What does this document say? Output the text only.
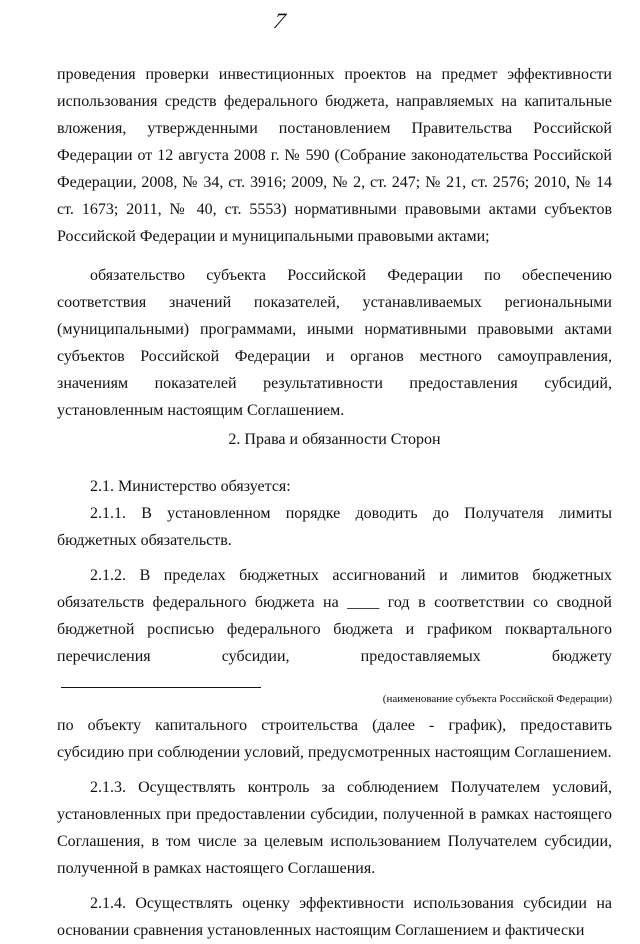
7

проведения проверки инвестиционных проектов на предмет эффективности использования средств федерального бюджета, направляемых на капитальные вложения, утвержденными постановлением Правительства Российской Федерации от 12 августа 2008 г. № 590 (Собрание законодательства Российской Федерации, 2008, № 34, ст. 3916; 2009, № 2, ст. 247; № 21, ст. 2576; 2010, № 14 ст. 1673; 2011, № 40, ст. 5553) нормативными правовыми актами субъектов Российской Федерации и муниципальными правовыми актами;

обязательство субъекта Российской Федерации по обеспечению соответствия значений показателей, устанавливаемых региональными (муниципальными) программами, иными нормативными правовыми актами субъектов Российской Федерации и органов местного самоуправления, значениям показателей результативности предоставления субсидий, установленным настоящим Соглашением.

2. Права и обязанности Сторон

2.1. Министерство обязуется:

2.1.1. В установленном порядке доводить до Получателя лимиты бюджетных обязательств.

2.1.2. В пределах бюджетных ассигнований и лимитов бюджетных обязательств федерального бюджета на ____ год в соответствии со сводной бюджетной росписью федерального бюджета и графиком поквартального перечисления субсидии, предоставляемых бюджету

(наименование субъекта Российской Федерации)

по объекту капитального строительства (далее - график), предоставить субсидию при соблюдении условий, предусмотренных настоящим Соглашением.

2.1.3. Осуществлять контроль за соблюдением Получателем условий, установленных при предоставлении субсидии, полученной в рамках настоящего Соглашения, в том числе за целевым использованием Получателем субсидии, полученной в рамках настоящего Соглашения.

2.1.4. Осуществлять оценку эффективности использования субсидии на основании сравнения установленных настоящим Соглашением и фактически
